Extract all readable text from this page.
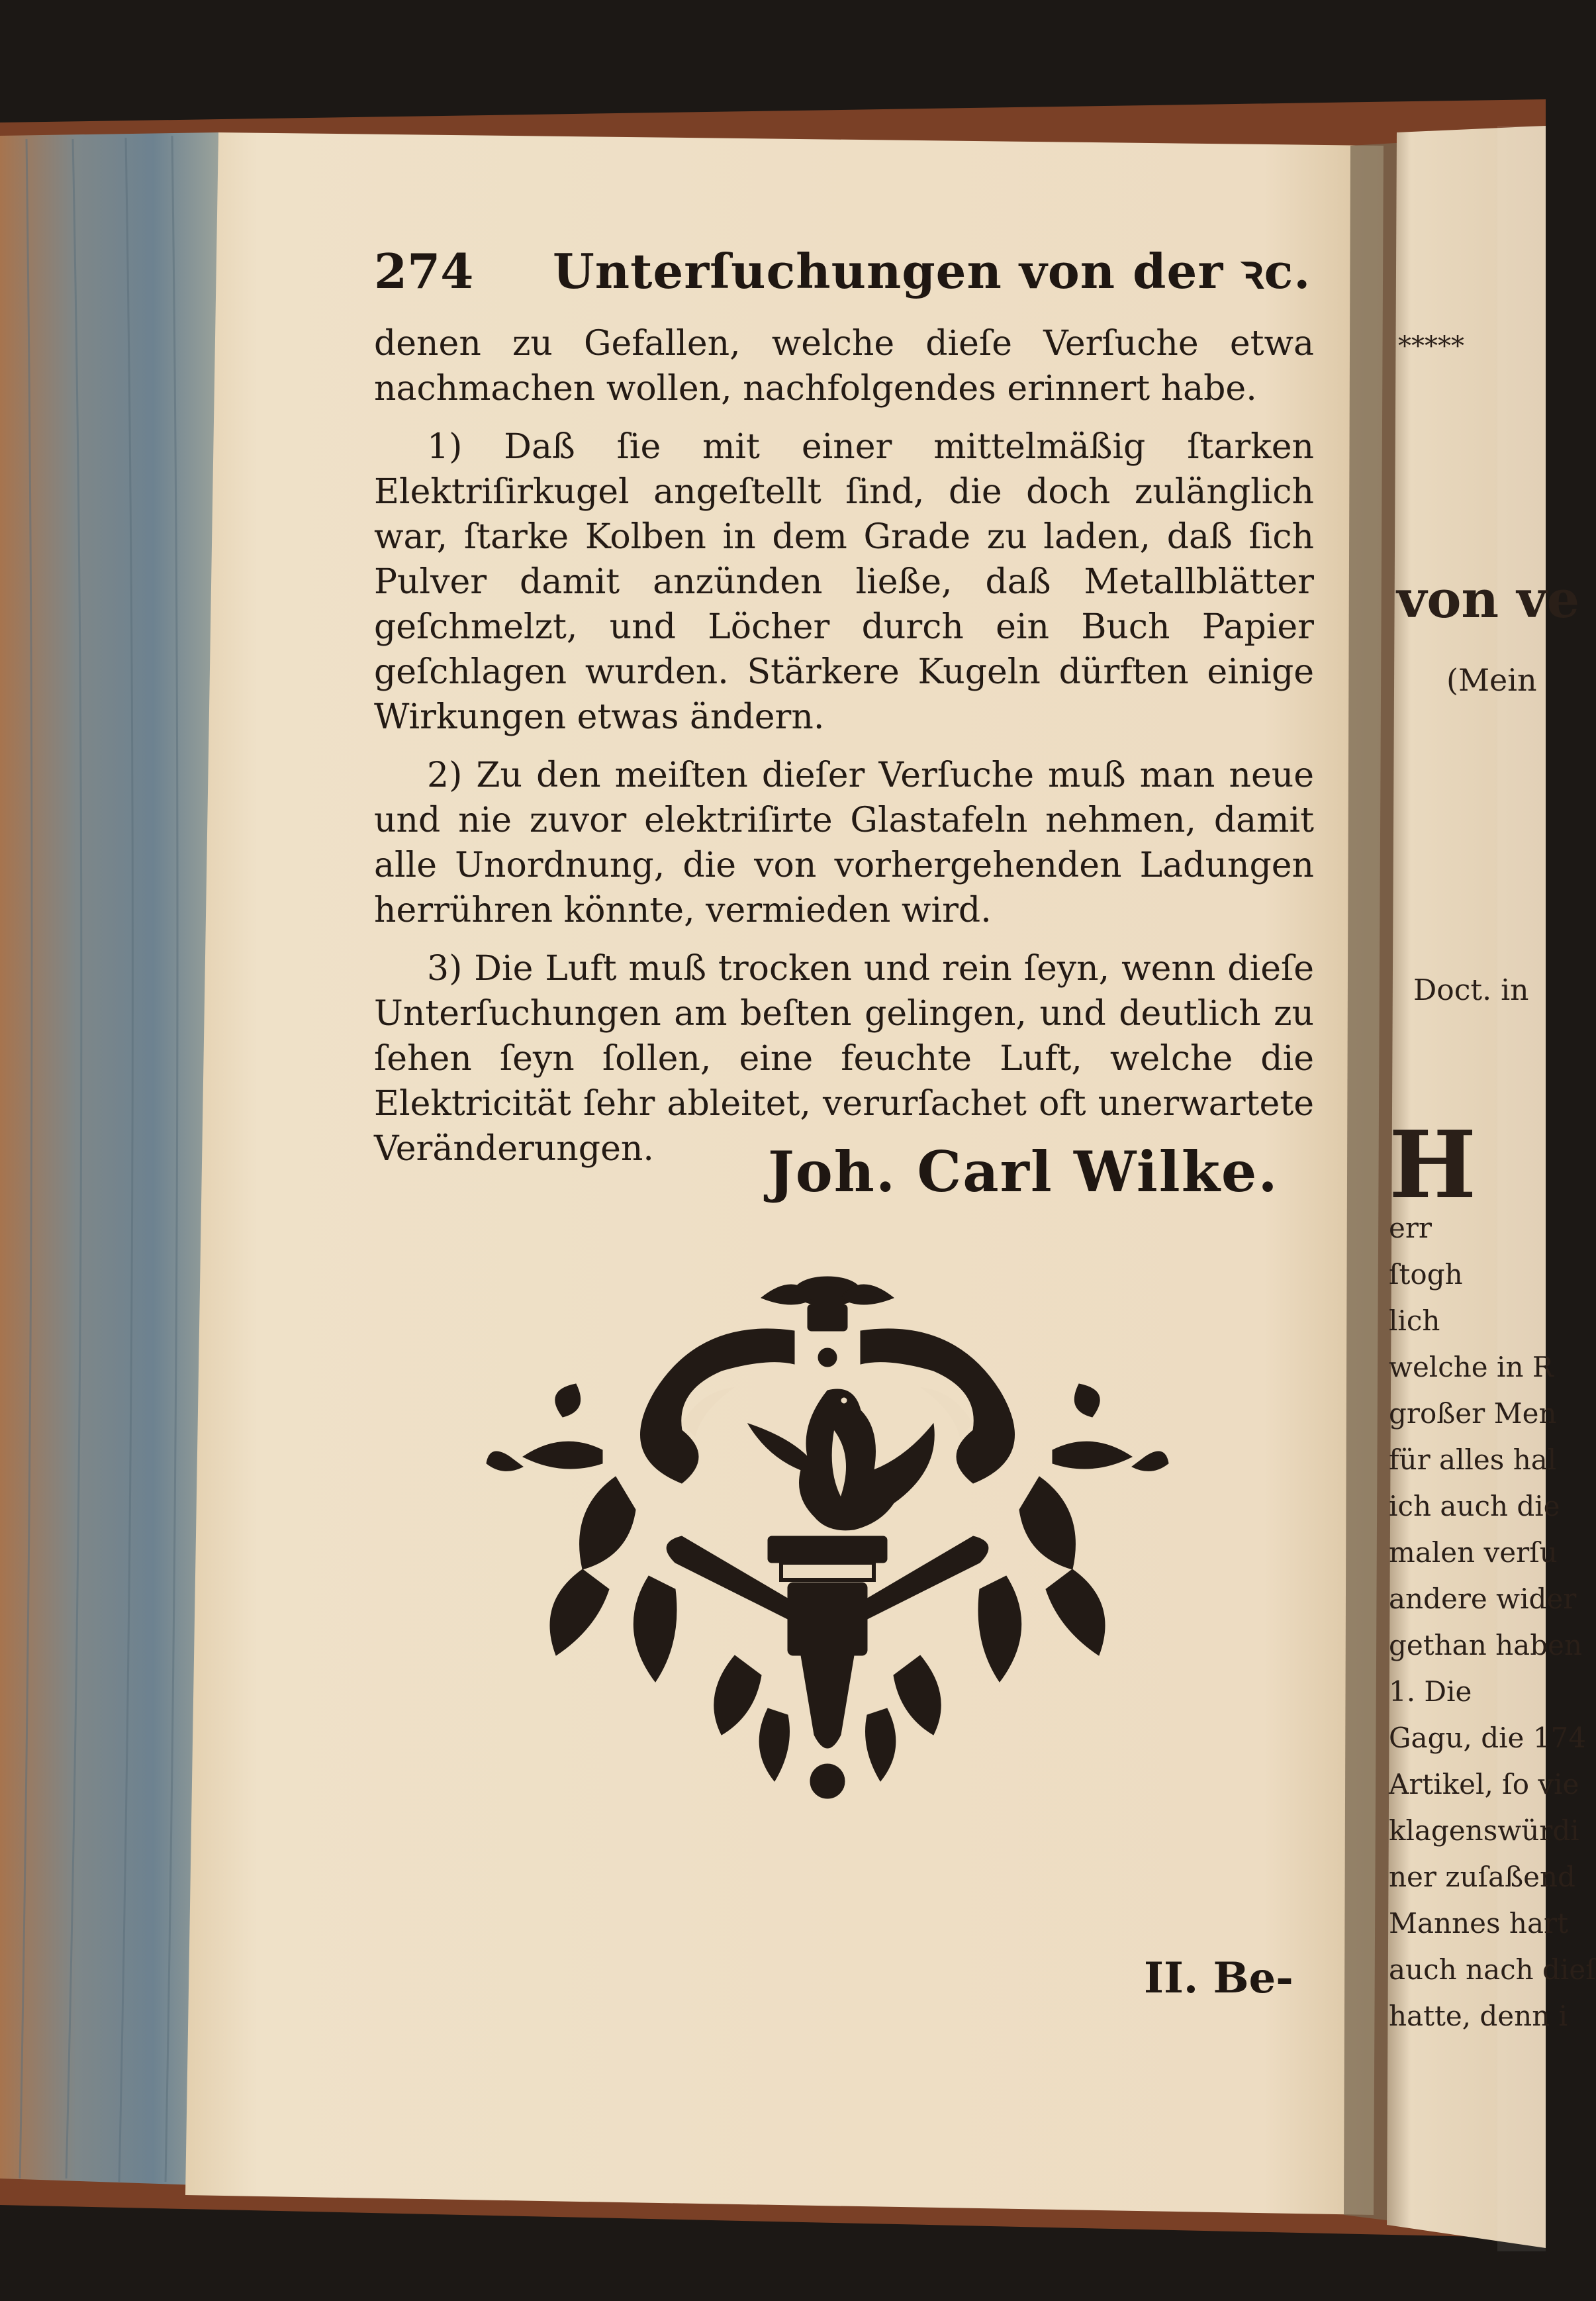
274 Unterſuchungen von der ꝛc.

denen zu Gefallen, welche dieſe Verſuche etwa nachmachen wollen, nachfolgendes erinnert habe.

1) Daß ſie mit einer mittelmäßig ſtarken Elektriſirkugel angeſtellt ſind, die doch zulänglich war, ſtarke Kolben in dem Grade zu laden, daß ſich Pulver damit anzünden ließe, daß Metallblätter geſchmelzt, und Löcher durch ein Buch Papier geſchlagen wurden. Stärkere Kugeln dürften einige Wirkungen etwas ändern.

2) Zu den meiſten dieſer Verſuche muß man neue und nie zuvor elektriſirte Glastafeln nehmen, damit alle Unordnung, die von vorhergehenden Ladungen herrühren könnte, vermieden wird.

3) Die Luft muß trocken und rein ſeyn, wenn dieſe Unterſuchungen am beſten gelingen, und deutlich zu ſehen ſeyn ſollen, eine feuchte Luft, welche die Elektricität ſehr ableitet, verurſachet oft unerwartete Veränderungen.	Joh. Carl Wilke.
II. Be-
*****
von ve
(Mein
Doct. in

H

err

ſtogh

lich

welche in R

großer Men

für alles hal

ich auch die

malen verſu

andere wider

gethan haben

1. Die

Gagu, die 174

Artikel, ſo vie

klagenswürdi

ner zuſaßend

Mannes hart

auch nach dieſ

hatte, denn i
